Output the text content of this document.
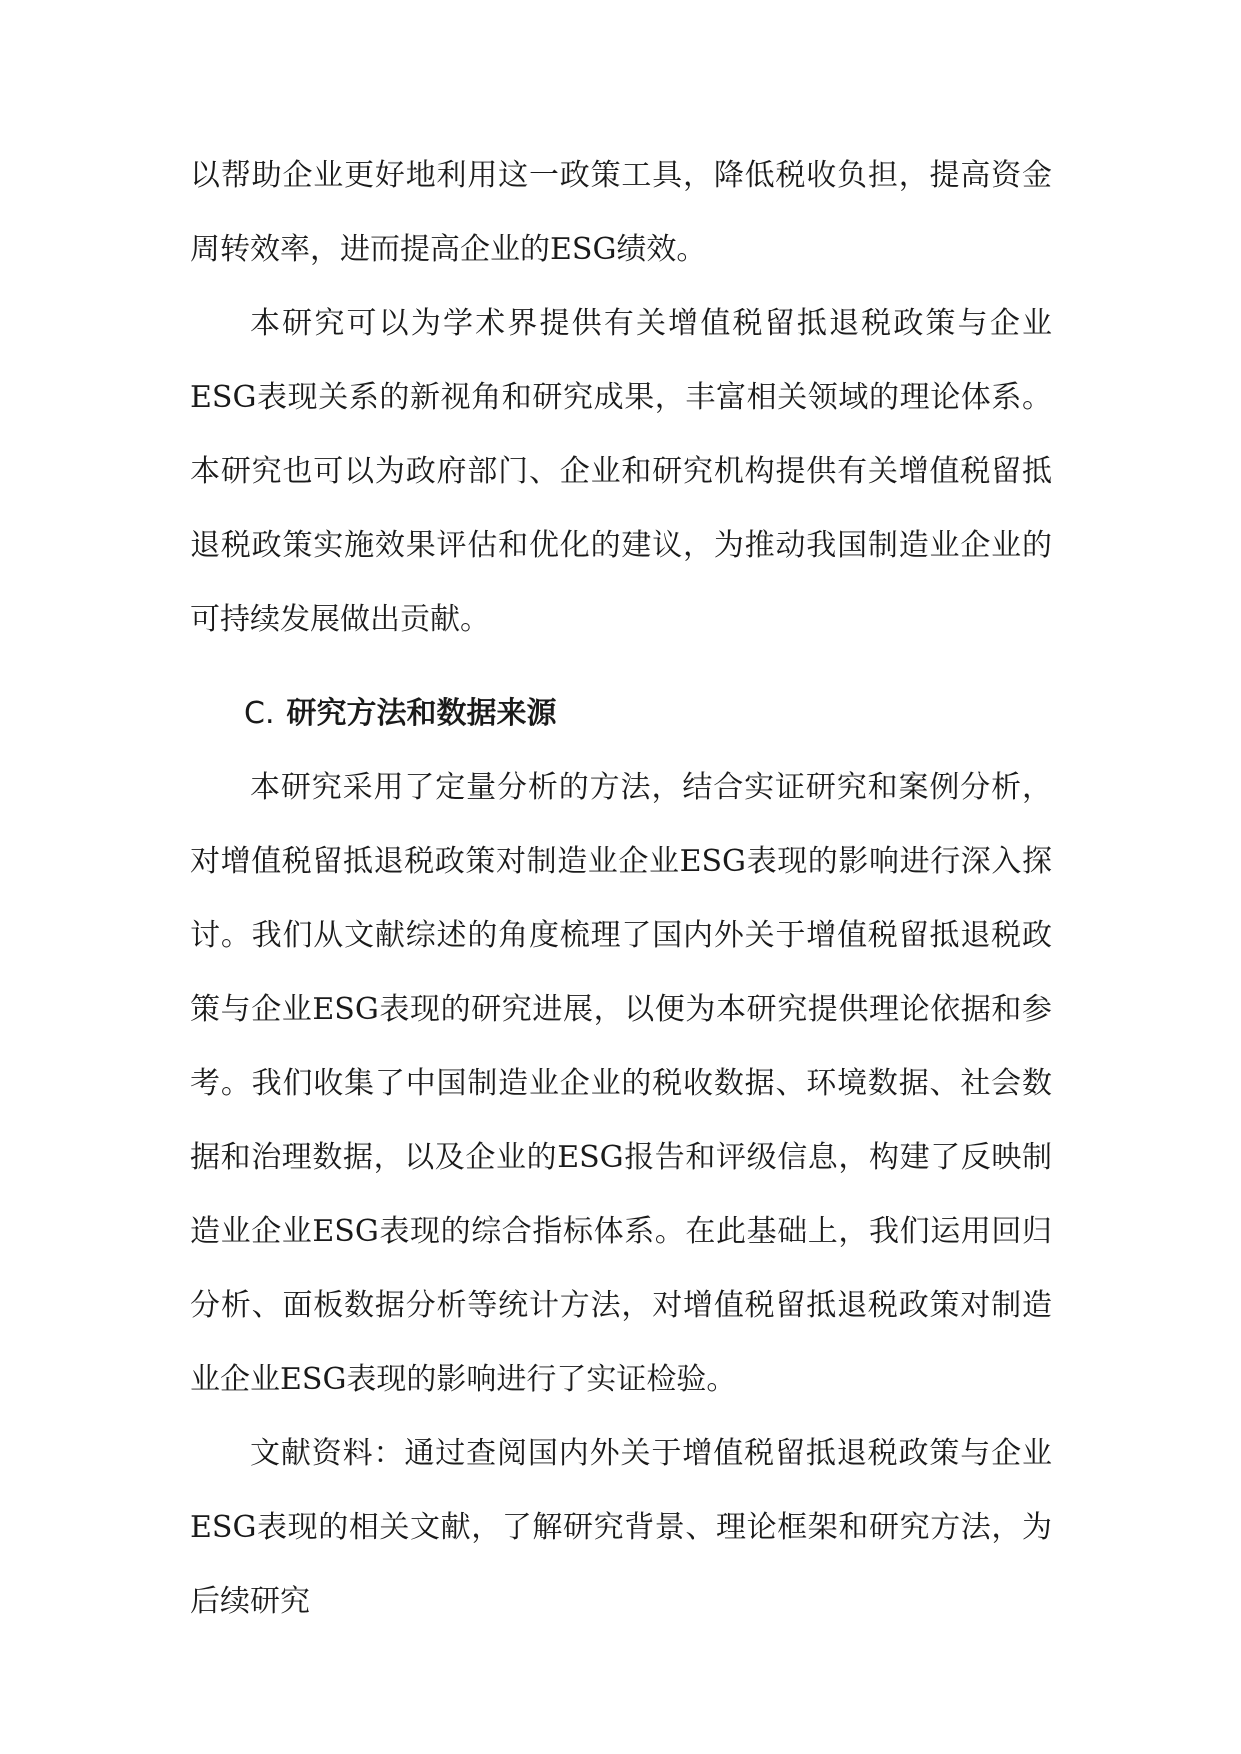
以帮助企业更好地利用这一政策工具，降低税收负担，提高资金周转效率，进而提高企业的ESG绩效。

本研究可以为学术界提供有关增值税留抵退税政策与企业ESG表现关系的新视角和研究成果，丰富相关领域的理论体系。本研究也可以为政府部门、企业和研究机构提供有关增值税留抵退税政策实施效果评估和优化的建议，为推动我国制造业企业的可持续发展做出贡献。

C. 研究方法和数据来源

本研究采用了定量分析的方法，结合实证研究和案例分析，对增值税留抵退税政策对制造业企业ESG表现的影响进行深入探讨。我们从文献综述的角度梳理了国内外关于增值税留抵退税政策与企业ESG表现的研究进展，以便为本研究提供理论依据和参考。我们收集了中国制造业企业的税收数据、环境数据、社会数据和治理数据，以及企业的ESG报告和评级信息，构建了反映制造业企业ESG表现的综合指标体系。在此基础上，我们运用回归分析、面板数据分析等统计方法，对增值税留抵退税政策对制造业企业ESG表现的影响进行了实证检验。

文献资料：通过查阅国内外关于增值税留抵退税政策与企业ESG表现的相关文献，了解研究背景、理论框架和研究方法，为后续研究
